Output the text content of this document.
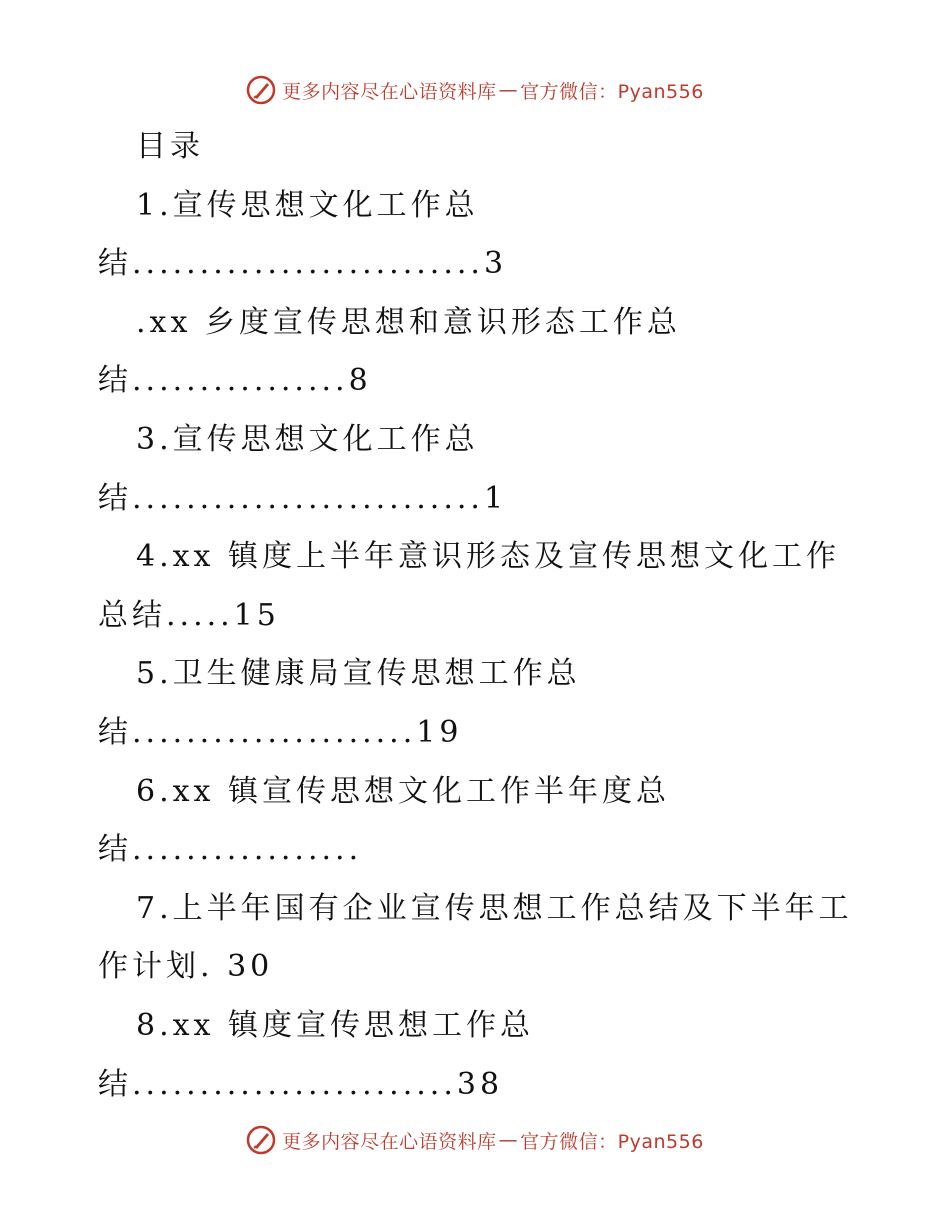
更多内容尽在心语资料库 — 官方微信：Pyan556
目录
1.宣传思想文化工作总
结..........................3
.xx 乡度宣传思想和意识形态工作总
结................8
3.宣传思想文化工作总
结..........................1
4.xx 镇度上半年意识形态及宣传思想文化工作
总结.....15
5.卫生健康局宣传思想工作总
结.....................19
6.xx 镇宣传思想文化工作半年度总
结.................
7.上半年国有企业宣传思想工作总结及下半年工
作计划. 30
8.xx 镇度宣传思想工作总
结........................38
更多内容尽在心语资料库 — 官方微信：Pyan556
